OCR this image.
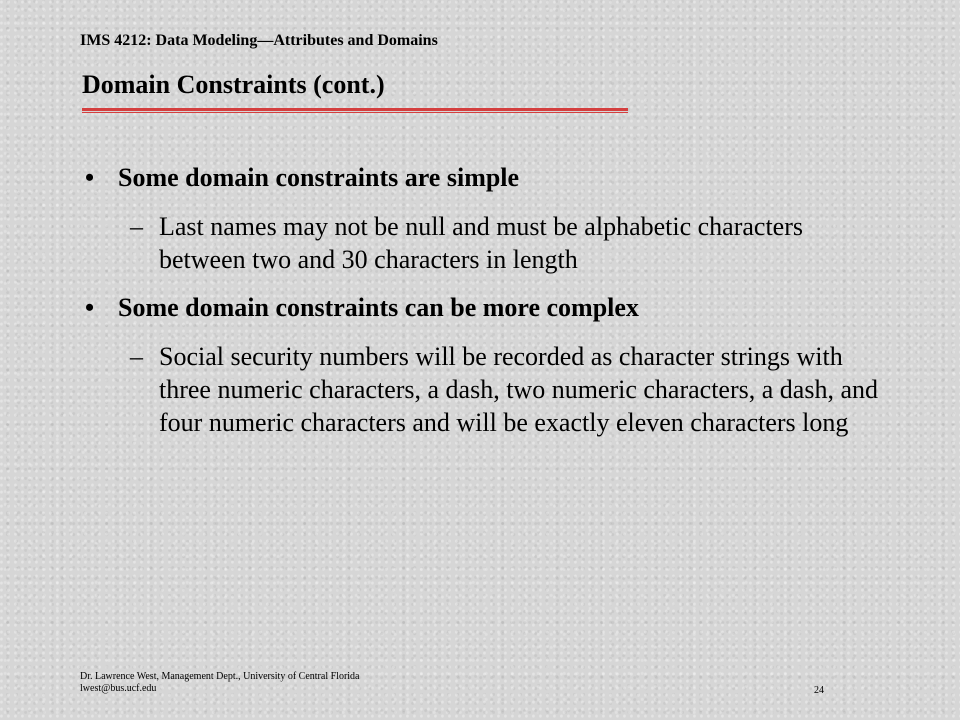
IMS 4212: Data Modeling—Attributes and Domains
Domain Constraints (cont.)
• Some domain constraints are simple
– Last names may not be null and must be alphabetic characters between two and 30 characters in length
• Some domain constraints can be more complex
– Social security numbers will be recorded as character strings with three numeric characters, a dash, two numeric characters, a dash, and four numeric characters and will be exactly eleven characters long
Dr. Lawrence West, Management Dept., University of Central Florida
lwest@bus.ucf.edu	24
